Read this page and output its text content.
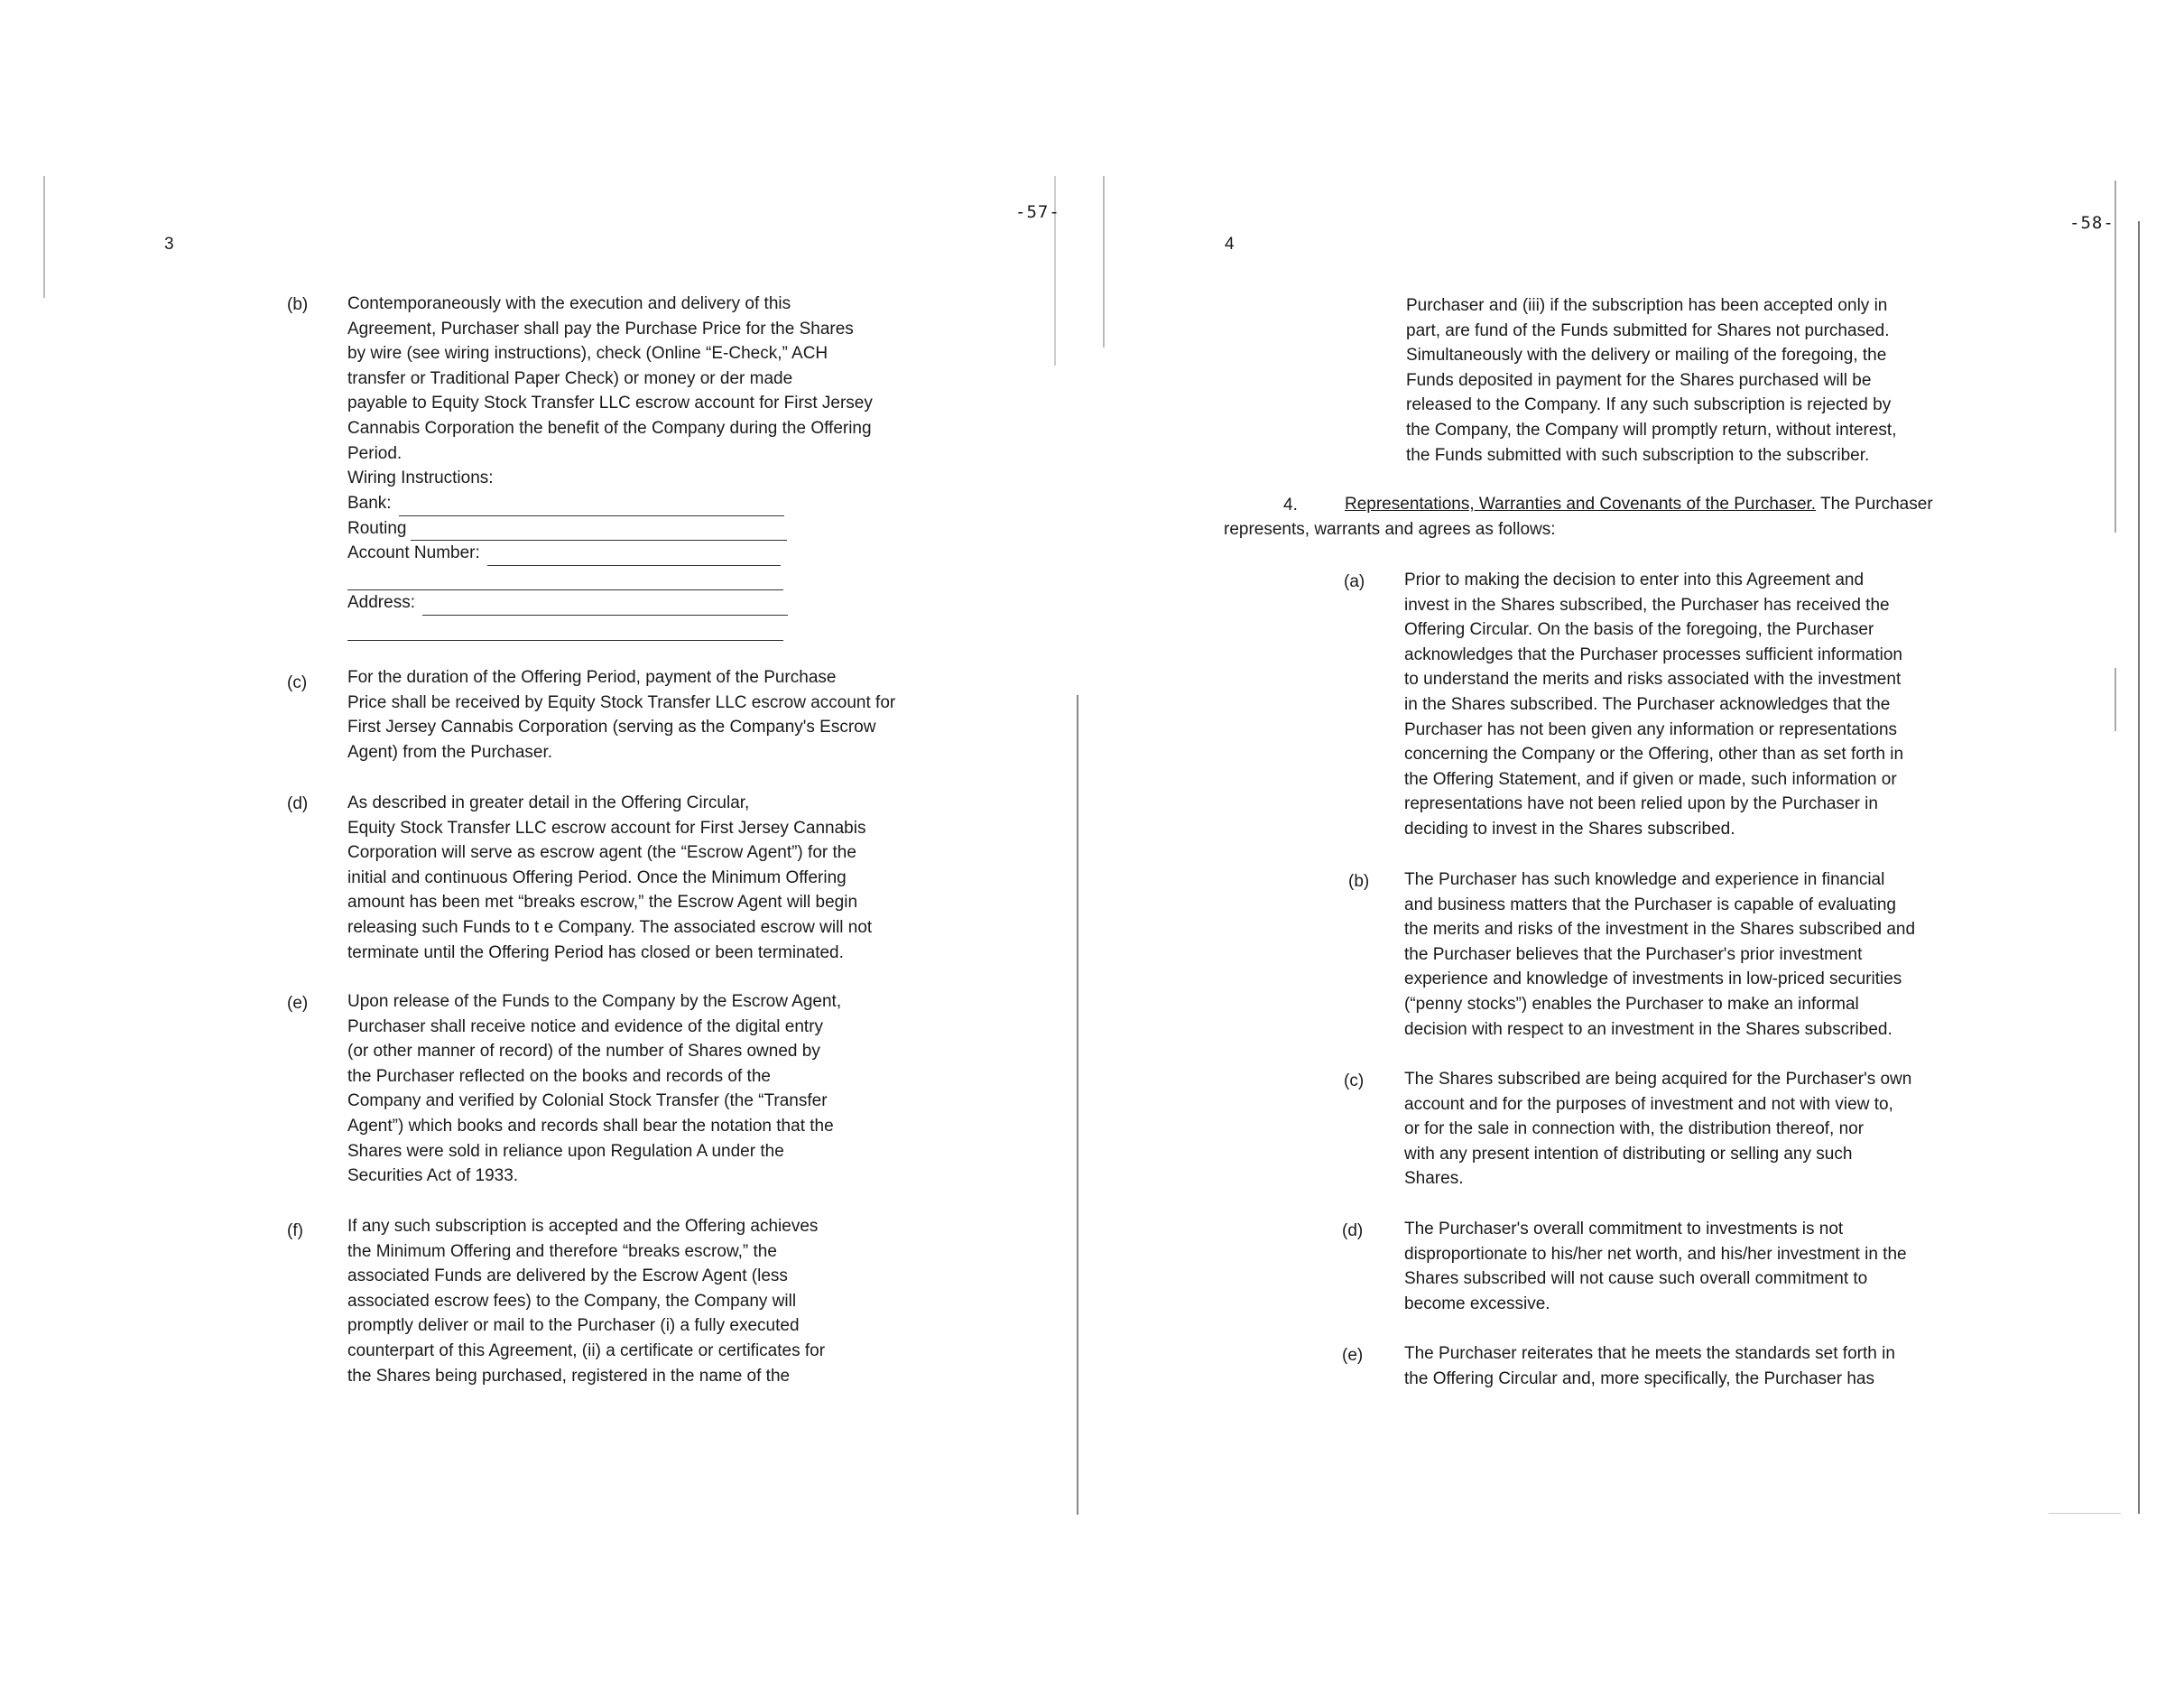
-57-
3
(b) Contemporaneously with the execution and delivery of this
Agreement, Purchaser shall pay the Purchase Price for the Shares
by wire (see wiring instructions), check (Online “E-Check,” ACH
transfer or Traditional Paper Check) or money or der made
payable to Equity Stock Transfer LLC escrow account for First Jersey
Cannabis Corporation the benefit of the Company during the Offering
Period.
Wiring Instructions:
Bank:
Routing
Account Number:
Address:
(c) For the duration of the Offering Period, payment of the Purchase
Price shall be received by Equity Stock Transfer LLC escrow account for
First Jersey Cannabis Corporation (serving as the Company's Escrow
Agent) from the Purchaser.
(d) As described in greater detail in the Offering Circular,
Equity Stock Transfer LLC escrow account for First Jersey Cannabis
Corporation will serve as escrow agent (the “Escrow Agent”) for the
initial and continuous Offering Period. Once the Minimum Offering
amount has been met “breaks escrow,” the Escrow Agent will begin
releasing such Funds to t e Company. The associated escrow will not
terminate until the Offering Period has closed or been terminated.
(e) Upon release of the Funds to the Company by the Escrow Agent,
Purchaser shall receive notice and evidence of the digital entry
(or other manner of record) of the number of Shares owned by
the Purchaser reflected on the books and records of the
Company and verified by Colonial Stock Transfer (the “Transfer
Agent”) which books and records shall bear the notation that the
Shares were sold in reliance upon Regulation A under the
Securities Act of 1933.
(f)	If any such subscription is accepted and the Offering achieves
the Minimum Offering and therefore “breaks escrow,” the
associated Funds are delivered by the Escrow Agent (less
associated escrow fees) to the Company, the Company will
promptly deliver or mail to the Purchaser (i) a fully executed
counterpart of this Agreement, (ii) a certificate or certificates for
the Shares being purchased, registered in the name of the
-58-
4
Purchaser and (iii) if the subscription has been accepted only in
part, are fund of the Funds submitted for Shares not purchased.
Simultaneously with the delivery or mailing of the foregoing, the
Funds deposited in payment for the Shares purchased will be
released to the Company. If any such subscription is rejected by
the Company, the Company will promptly return, without interest,
the Funds submitted with such subscription to the subscriber.
4.	Representations, Warranties and Covenants of the Purchaser. The Purchaser
represents, warrants and agrees as follows:
(a) Prior to making the decision to enter into this Agreement and
invest in the Shares subscribed, the Purchaser has received the
Offering Circular. On the basis of the foregoing, the Purchaser
acknowledges that the Purchaser processes sufficient information
to understand the merits and risks associated with the investment
in the Shares subscribed. The Purchaser acknowledges that the
Purchaser has not been given any information or representations
concerning the Company or the Offering, other than as set forth in
the Offering Statement, and if given or made, such information or
representations have not been relied upon by the Purchaser in
deciding to invest in the Shares subscribed.
(b) The Purchaser has such knowledge and experience in financial
and business matters that the Purchaser is capable of evaluating
the merits and risks of the investment in the Shares subscribed and
the Purchaser believes that the Purchaser's prior investment
experience and knowledge of investments in low-priced securities
(“penny stocks”) enables the Purchaser to make an informal
decision with respect to an investment in the Shares subscribed.
(c) The Shares subscribed are being acquired for the Purchaser's own
account and for the purposes of investment and not with view to,
or for the sale in connection with, the distribution thereof, nor
with any present intention of distributing or selling any such
Shares.
(d) The Purchaser's overall commitment to investments is not
disproportionate to his/her net worth, and his/her investment in the
Shares subscribed will not cause such overall commitment to
become excessive.
(e) The Purchaser reiterates that he meets the standards set forth in
the Offering Circular and, more specifically, the Purchaser has
